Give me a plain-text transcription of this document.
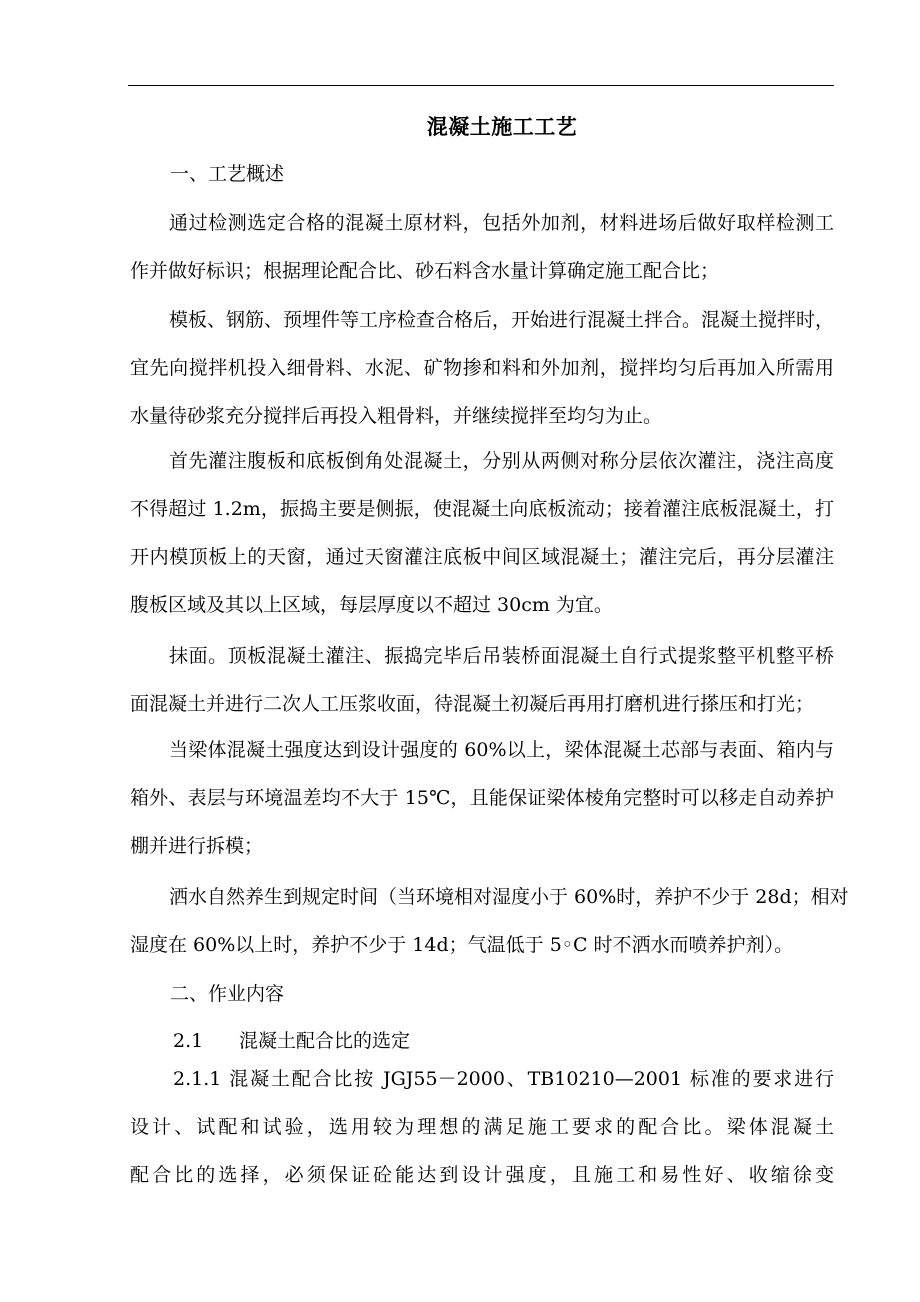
混凝土施工工艺
一、工艺概述
通过检测选定合格的混凝土原材料，包括外加剂，材料进场后做好取样检测工
作并做好标识；根据理论配合比、砂石料含水量计算确定施工配合比；
模板、钢筋、预埋件等工序检查合格后，开始进行混凝土拌合。混凝土搅拌时，
宜先向搅拌机投入细骨料、水泥、矿物掺和料和外加剂，搅拌均匀后再加入所需用
水量待砂浆充分搅拌后再投入粗骨料，并继续搅拌至均匀为止。
首先灌注腹板和底板倒角处混凝土，分别从两侧对称分层依次灌注，浇注高度
不得超过 1.2m，振捣主要是侧振，使混凝土向底板流动；接着灌注底板混凝土，打
开内模顶板上的天窗，通过天窗灌注底板中间区域混凝土；灌注完后，再分层灌注
腹板区域及其以上区域，每层厚度以不超过 30cm 为宜。
抹面。顶板混凝土灌注、振捣完毕后吊装桥面混凝土自行式提浆整平机整平桥
面混凝土并进行二次人工压浆收面，待混凝土初凝后再用打磨机进行搽压和打光；
当梁体混凝土强度达到设计强度的 60%以上，梁体混凝土芯部与表面、箱内与
箱外、表层与环境温差均不大于 15℃，且能保证梁体棱角完整时可以移走自动养护
棚并进行拆模；
洒水自然养生到规定时间（当环境相对湿度小于 60%时，养护不少于 28d；相对
湿度在 60%以上时，养护不少于 14d；气温低于 5◦C 时不洒水而喷养护剂）。
二、作业内容
2.1 混凝土配合比的选定
2.1.1 混凝土配合比按 JGJ55－2000、TB10210—2001 标准的要求进行
设计、试配和试验，选用较为理想的满足施工要求的配合比。梁体混凝土
配合比的选择，必须保证砼能达到设计强度，且施工和易性好、收缩徐变
